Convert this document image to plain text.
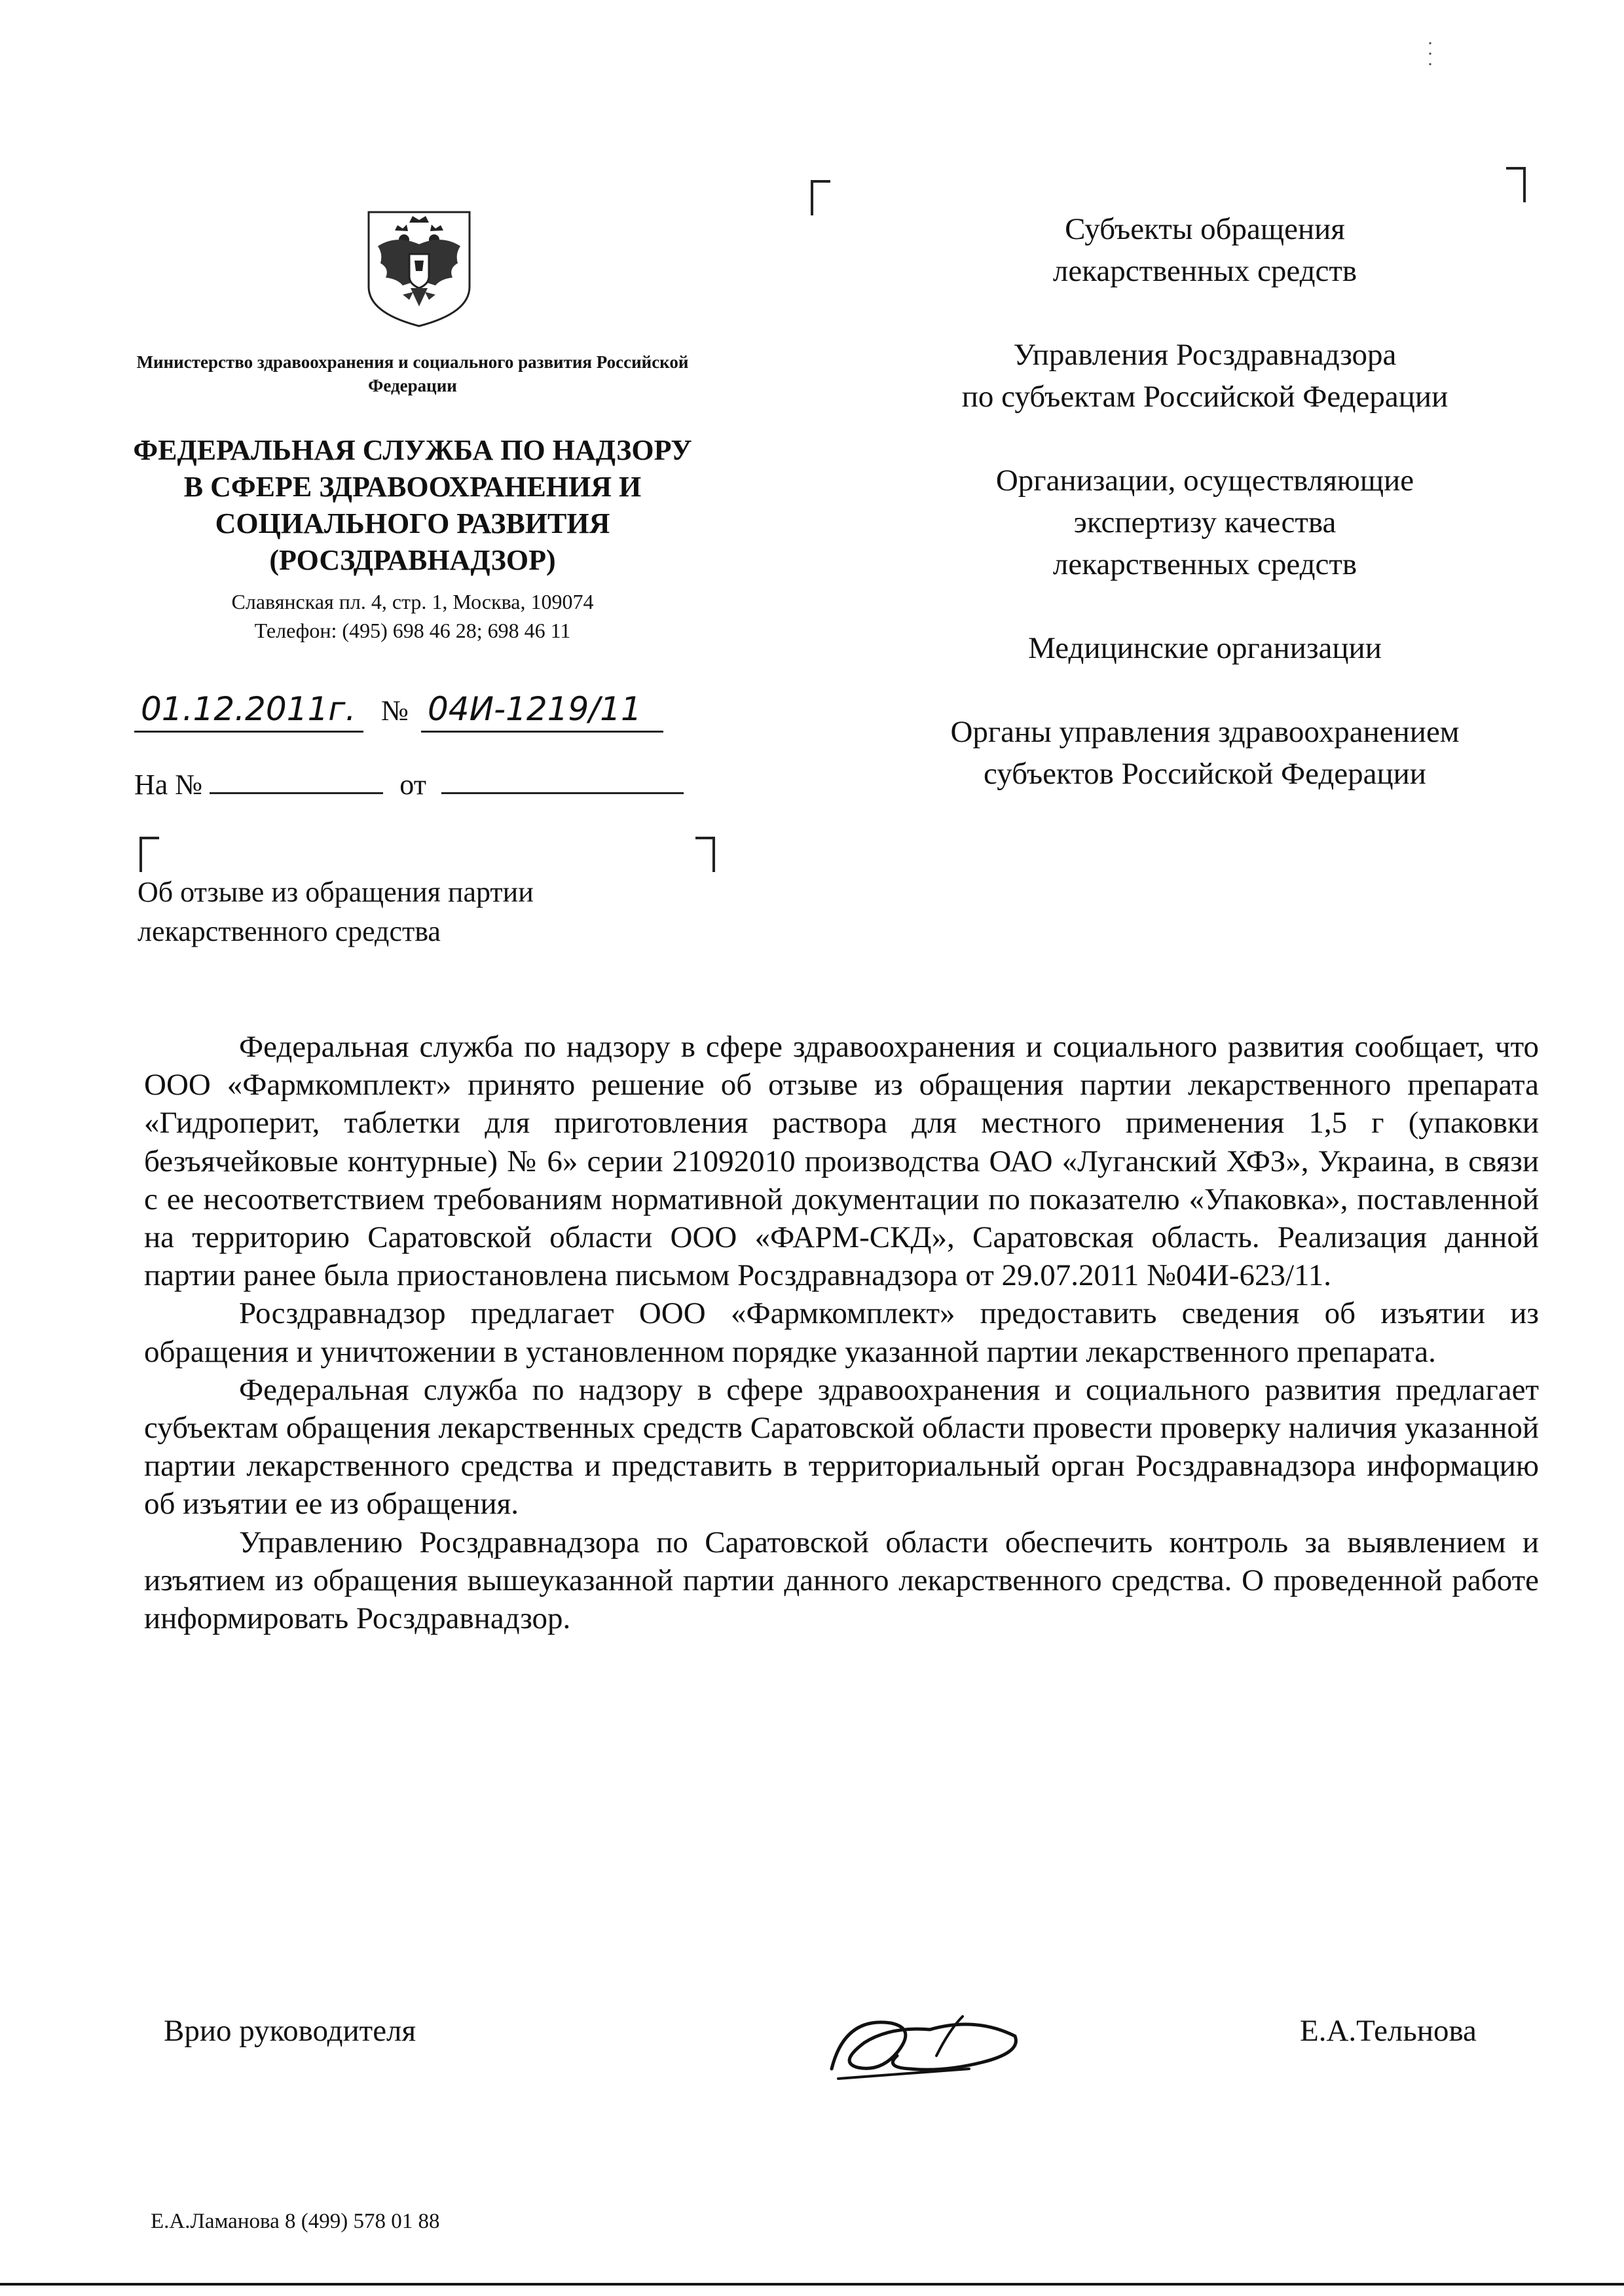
Министерство здравоохранения и социального развития Российской Федерации
ФЕДЕРАЛЬНАЯ СЛУЖБА ПО НАДЗОРУ
В СФЕРЕ ЗДРАВООХРАНЕНИЯ И
СОЦИАЛЬНОГО РАЗВИТИЯ
(РОСЗДРАВНАДЗОР)
Славянская пл. 4, стр. 1, Москва, 109074
Телефон: (495) 698 46 28; 698 46 11
01.12.2011г. № 04И-1219/11
На №	от
Об отзыве из обращения партии
лекарственного средства
Субъекты обращения
лекарственных средств
Управления Росздравнадзора
по субъектам Российской Федерации
Организации, осуществляющие
экспертизу качества
лекарственных средств
Медицинские организации
Органы управления здравоохранением
субъектов Российской Федерации

Федеральная служба по надзору в сфере здравоохранения и социального развития сообщает, что ООО «Фармкомплект» принято решение об отзыве из обращения партии лекарственного препарата «Гидроперит, таблетки для приготовления раствора для местного применения 1,5 г (упаковки безъячейковые контурные) № 6» серии 21092010 производства ОАО «Луганский ХФЗ», Украина, в связи с ее несоответствием требованиям нормативной документации по показателю «Упаковка», поставленной на территорию Саратовской области ООО «ФАРМ-СКД», Саратовская область. Реализация данной партии ранее была приостановлена письмом Росздравнадзора от 29.07.2011 №04И-623/11.

Росздравнадзор предлагает ООО «Фармкомплект» предоставить сведения об изъятии из обращения и уничтожении в установленном порядке указанной партии лекарственного препарата.

Федеральная служба по надзору в сфере здравоохранения и социального развития предлагает субъектам обращения лекарственных средств Саратовской области провести проверку наличия указанной партии лекарственного средства и представить в территориальный орган Росздравнадзора информацию об изъятии ее из обращения.

Управлению Росздравнадзора по Саратовской области обеспечить контроль за выявлением и изъятием из обращения вышеуказанной партии данного лекарственного средства. О проведенной работе информировать Росздравнадзор.

Врио руководителя	Е.А.Тельнова
Е.А.Ламанова 8 (499) 578 01 88
